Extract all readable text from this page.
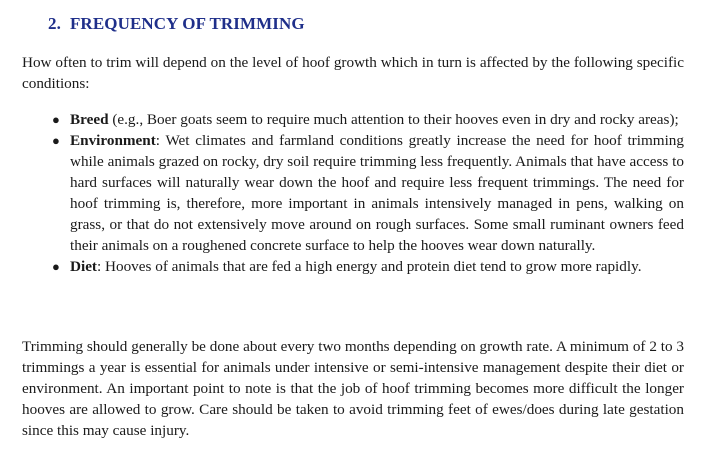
2. FREQUENCY OF TRIMMING

How often to trim will depend on the level of hoof growth which in turn is affected by the following specific conditions:

● Breed (e.g., Boer goats seem to require much attention to their hooves even in dry and rocky areas);
● Environment: Wet climates and farmland conditions greatly increase the need for hoof trimming while animals grazed on rocky, dry soil require trimming less frequently. Animals that have access to hard surfaces will naturally wear down the hoof and require less frequent trimmings. The need for hoof trimming is, therefore, more important in animals intensively managed in pens, walking on grass, or that do not extensively move around on rough surfaces. Some small ruminant owners feed their animals on a roughened concrete surface to help the hooves wear down naturally.
● Diet: Hooves of animals that are fed a high energy and protein diet tend to grow more rapidly.

Trimming should generally be done about every two months depending on growth rate. A minimum of 2 to 3 trimmings a year is essential for animals under intensive or semi-intensive management despite their diet or environment. An important point to note is that the job of hoof trimming becomes more difficult the longer hooves are allowed to grow. Care should be taken to avoid trimming feet of ewes/does during late gestation since this may cause injury.
